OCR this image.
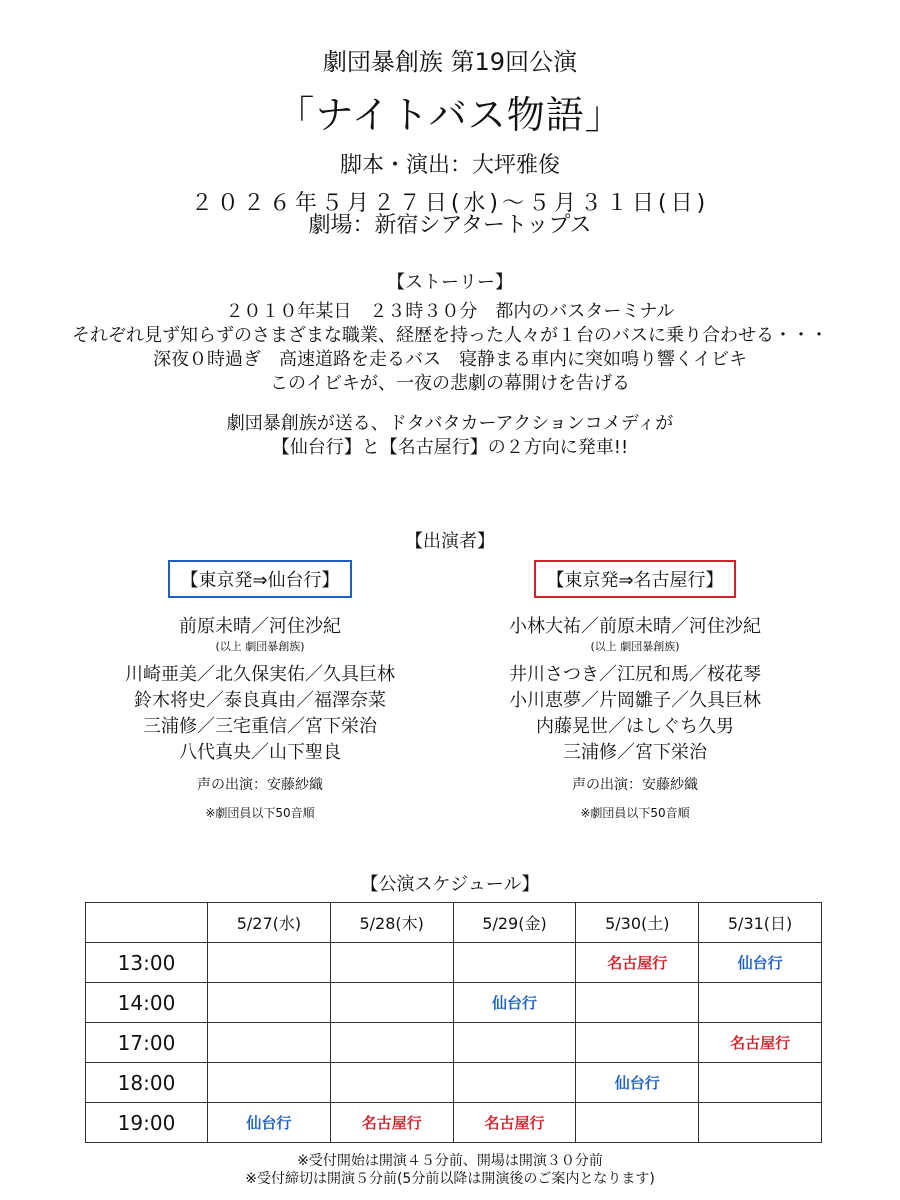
劇団暴創族 第19回公演
「ナイトバス物語」
脚本・演出：大坪雅俊
２０２６年５月２７日(水)〜５月３１日(日)
劇場：新宿シアタートップス
【ストーリー】
２０１０年某日　２３時３０分　都内のバスターミナル
それぞれ見ず知らずのさまざまな職業、経歴を持った人々が１台のバスに乗り合わせる・・・
深夜０時過ぎ　高速道路を走るバス　寝静まる車内に突如鳴り響くイビキ
このイビキが、一夜の悲劇の幕開けを告げる
劇団暴創族が送る、ドタバタカーアクションコメディが
【仙台行】と【名古屋行】の２方向に発車!!
【出演者】
【東京発⇒仙台行】
前原未晴／河住沙紀
(以上 劇団暴創族)
川崎亜美／北久保実佑／久具巨林
鈴木将史／泰良真由／福澤奈菜
三浦修／三宅重信／宮下栄治
八代真央／山下聖良
声の出演：安藤紗織
※劇団員以下50音順
【東京発⇒名古屋行】
小林大祐／前原未晴／河住沙紀
(以上 劇団暴創族)
井川さつき／江尻和馬／桜花琴
小川恵夢／片岡雛子／久具巨林
内藤晃世／はしぐち久男
三浦修／宮下栄治
声の出演：安藤紗織
※劇団員以下50音順
【公演スケジュール】
	5/27(水)	5/28(木)	5/29(金)	5/30(土)	5/31(日)
13:00				名古屋行	仙台行
14:00			仙台行		
17:00					名古屋行
18:00				仙台行	
19:00	仙台行	名古屋行	名古屋行		
※受付開始は開演４５分前、開場は開演３０分前
※受付締切は開演５分前(5分前以降は開演後のご案内となります)
